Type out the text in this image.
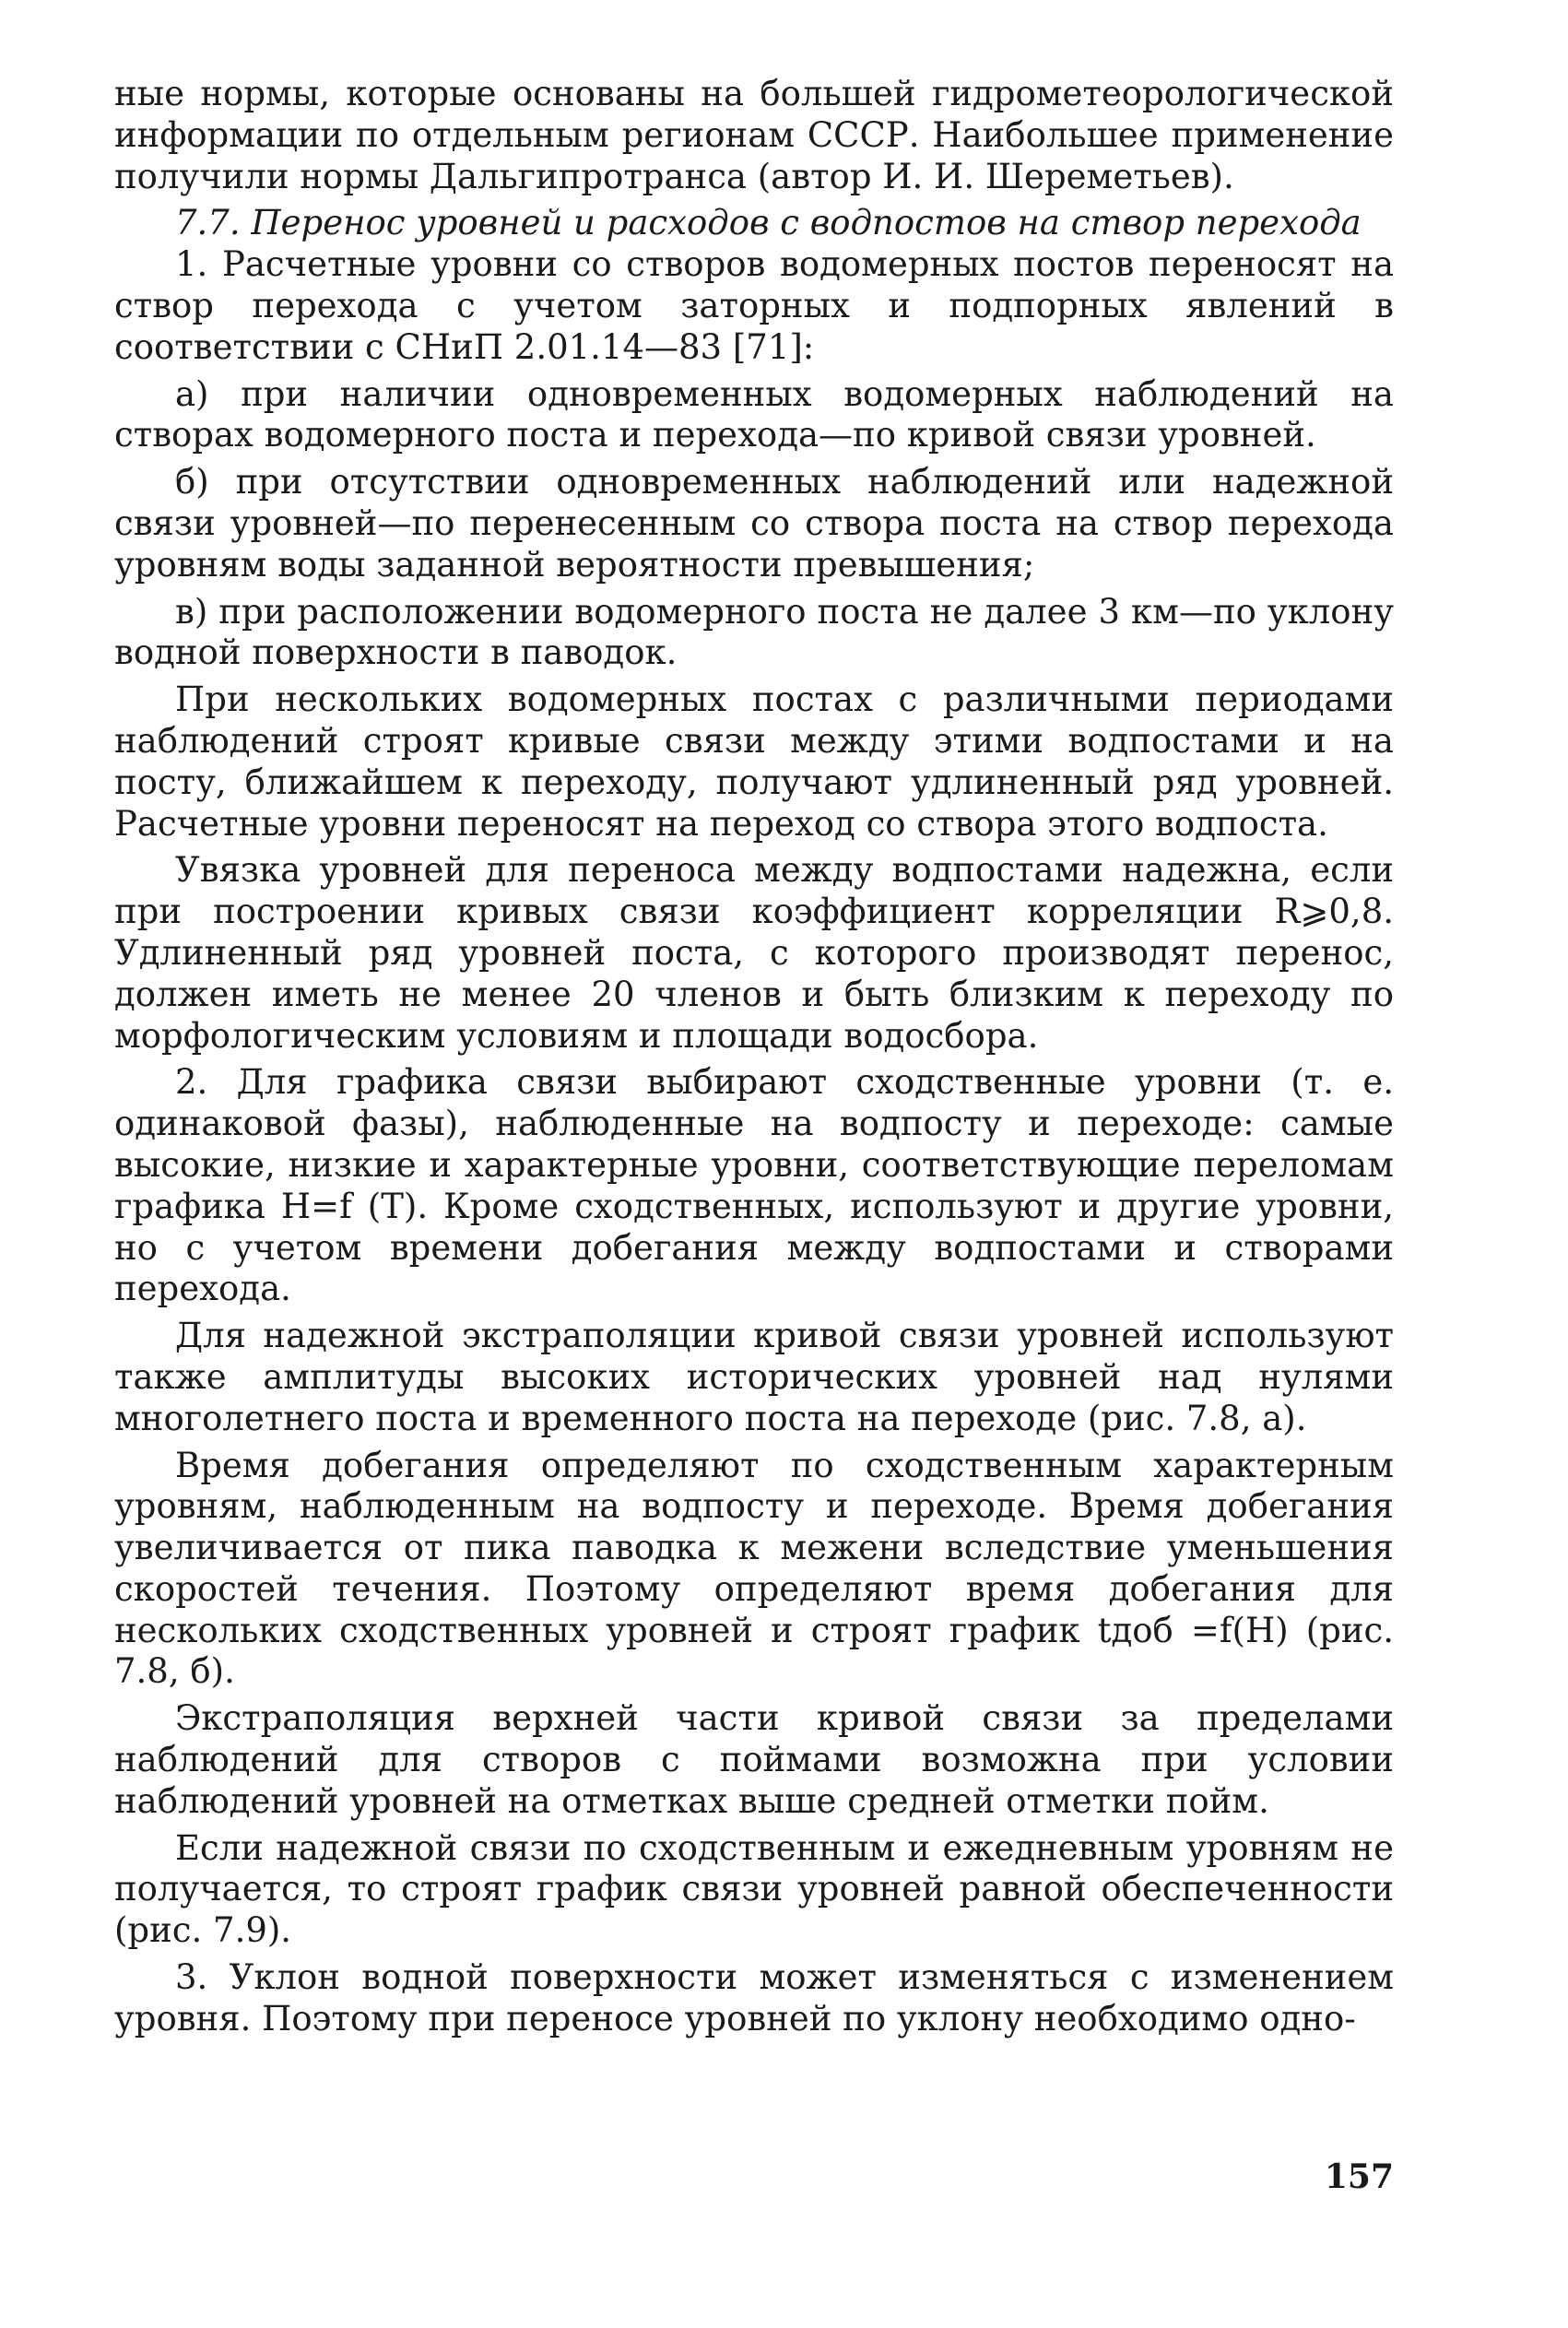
ные нормы, которые основаны на большей гидрометеорологической информации по отдельным регионам СССР. Наибольшее применение получили нормы Дальгипротранса (автор И. И. Шереметьев).

7.7. Перенос уровней и расходов с водпостов на створ перехода

1. Расчетные уровни со створов водомерных постов переносят на створ перехода с учетом заторных и подпорных явлений в соответствии с СНиП 2.01.14—83 [71]:

а) при наличии одновременных водомерных наблюдений на створах водомерного поста и перехода—по кривой связи уровней.

б) при отсутствии одновременных наблюдений или надежной связи уровней—по перенесенным со створа поста на створ перехода уровням воды заданной вероятности превышения;

в) при расположении водомерного поста не далее 3 км—по уклону водной поверхности в паводок.

При нескольких водомерных постах с различными периодами наблюдений строят кривые связи между этими водпостами и на посту, ближайшем к переходу, получают удлиненный ряд уровней. Расчетные уровни переносят на переход со створа этого водпоста.

Увязка уровней для переноса между водпостами надежна, если при построении кривых связи коэффициент корреляции R⩾0,8. Удлиненный ряд уровней поста, с которого производят перенос, должен иметь не менее 20 членов и быть близким к переходу по морфологическим условиям и площади водосбора.

2. Для графика связи выбирают сходственные уровни (т. е. одинаковой фазы), наблюденные на водпосту и переходе: самые высокие, низкие и характерные уровни, соответствующие переломам графика H=f (T). Кроме сходственных, используют и другие уровни, но с учетом времени добегания между водпостами и створами перехода.

Для надежной экстраполяции кривой связи уровней используют также амплитуды высоких исторических уровней над нулями многолетнего поста и временного поста на переходе (рис. 7.8, а).

Время добегания определяют по сходственным характерным уровням, наблюденным на водпосту и переходе. Время добегания увеличивается от пика паводка к межени вследствие уменьшения скоростей течения. Поэтому определяют время добегания для нескольких сходственных уровней и строят график tдоб =f(H) (рис. 7.8, б).

Экстраполяция верхней части кривой связи за пределами наблюдений для створов с поймами возможна при условии наблюдений уровней на отметках выше средней отметки пойм.

Если надежной связи по сходственным и ежедневным уровням не получается, то строят график связи уровней равной обеспеченности (рис. 7.9).

3. Уклон водной поверхности может изменяться с изменением уровня. Поэтому при переносе уровней по уклону необходимо одно-

157
